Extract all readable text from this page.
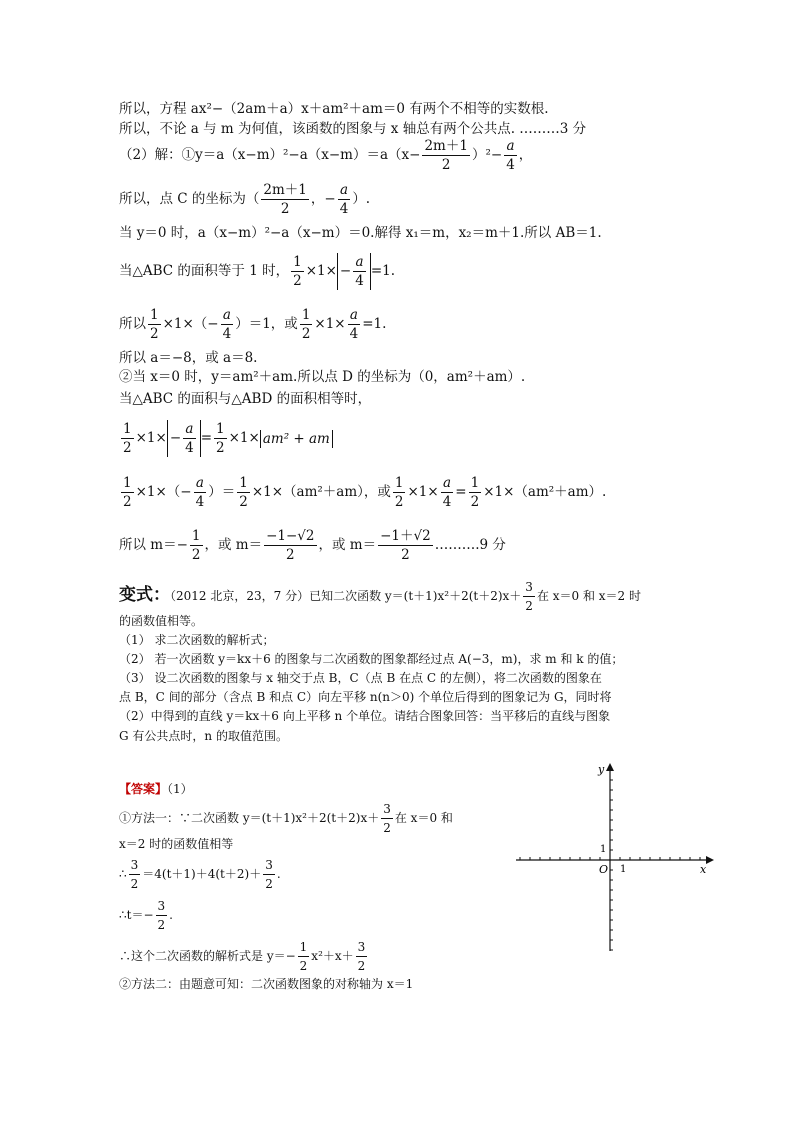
所以，方程 ax²−（2am＋a）x＋am²＋am＝0 有两个不相等的实数根.
所以，不论 a 与 m 为何值，该函数的图象与 x 轴总有两个公共点. ………3 分
（2）解：①y＝a（x−m）²−a（x−m）＝a（x− $\frac{2m+1}{2} )^2- \frac{a}{4}$ ，
所以，点 C 的坐标为（ $\frac{2m+1}{2}$ ，− $\frac{a}{4}$ ）.
当 y＝0 时，a（x−m）²−a（x−m）＝0.解得 x₁＝m，x₂＝m＋1.所以 AB＝1.
当△ABC 的面积等于 1 时， $\frac{1}{2} \times 1\times - \frac{a}{4} =1$.
所以 $\frac{1}{2} \times 1\times(- \frac{a}{4} )=1$，或 $\frac{1}{2} \times 1\times \frac{a}{4} =1$.
所以 a＝−8，或 a＝8.
②当 x＝0 时，y＝am²＋am.所以点 D 的坐标为（0，am²＋am）.
当△ABC 的面积与△ABD 的面积相等时，
$\frac{1}{2} \times 1\times - \frac{a}{4} = \frac{1}{2} \times 1\times am^2$ + am
$\frac{1}{2} \times 1\times(- \frac{a}{4}$ ）＝ $\frac{1}{2} \times 1\times(am^2+am)$，或 $\frac{1}{2} \times 1\times \frac{a}{4} = \frac{1}{2} \times 1\times(am^2+am)$.
所以 $m=- \frac{1}{2}$ ，或 $m= \frac{-1-√2}{2}$ ，或 $m= \frac{-1+√2}{2}$ ……….9 分
变式：（2012 北京，23，7 分）已知二次函数 $y=(t+1)x^2+2(t+2)x+ \frac{3}{2}$ 在 x＝0 和 x＝2 时
的函数值相等。
（1） 求二次函数的解析式；
（2） 若一次函数 y＝kx＋6 的图象与二次函数的图象都经过点 A(−3，m)，求 m 和 k 的值；
（3） 设二次函数的图象与 x 轴交于点 B，C（点 B 在点 C 的左侧），将二次函数的图象在
点 B，C 间的部分（含点 B 和点 C）向左平移 n(n＞0) 个单位后得到的图象记为 G，同时将
（2）中得到的直线 y＝kx＋6 向上平移 n 个单位。请结合图象回答：当平移后的直线与图象
G 有公共点时，n 的取值范围。
【答案】（1）
①方法一：∵二次函数 $y=(t+1)x^2+2(t+2)x+ \frac{3}{2}$ 在 x＝0 和
x＝2 时的函数值相等
∴ $\frac{3}{2} =4(t+1)+4(t+2)+ \frac{3}{2}$ .
∴t＝− $\frac{3}{2}$ .
∴这个二次函数的解析式是 $y=- \frac{1}{2} x^2+x+ \frac{3}{2}$
②方法二：由题意可知：二次函数图象的对称轴为 x＝1
x
y
O 1
1
